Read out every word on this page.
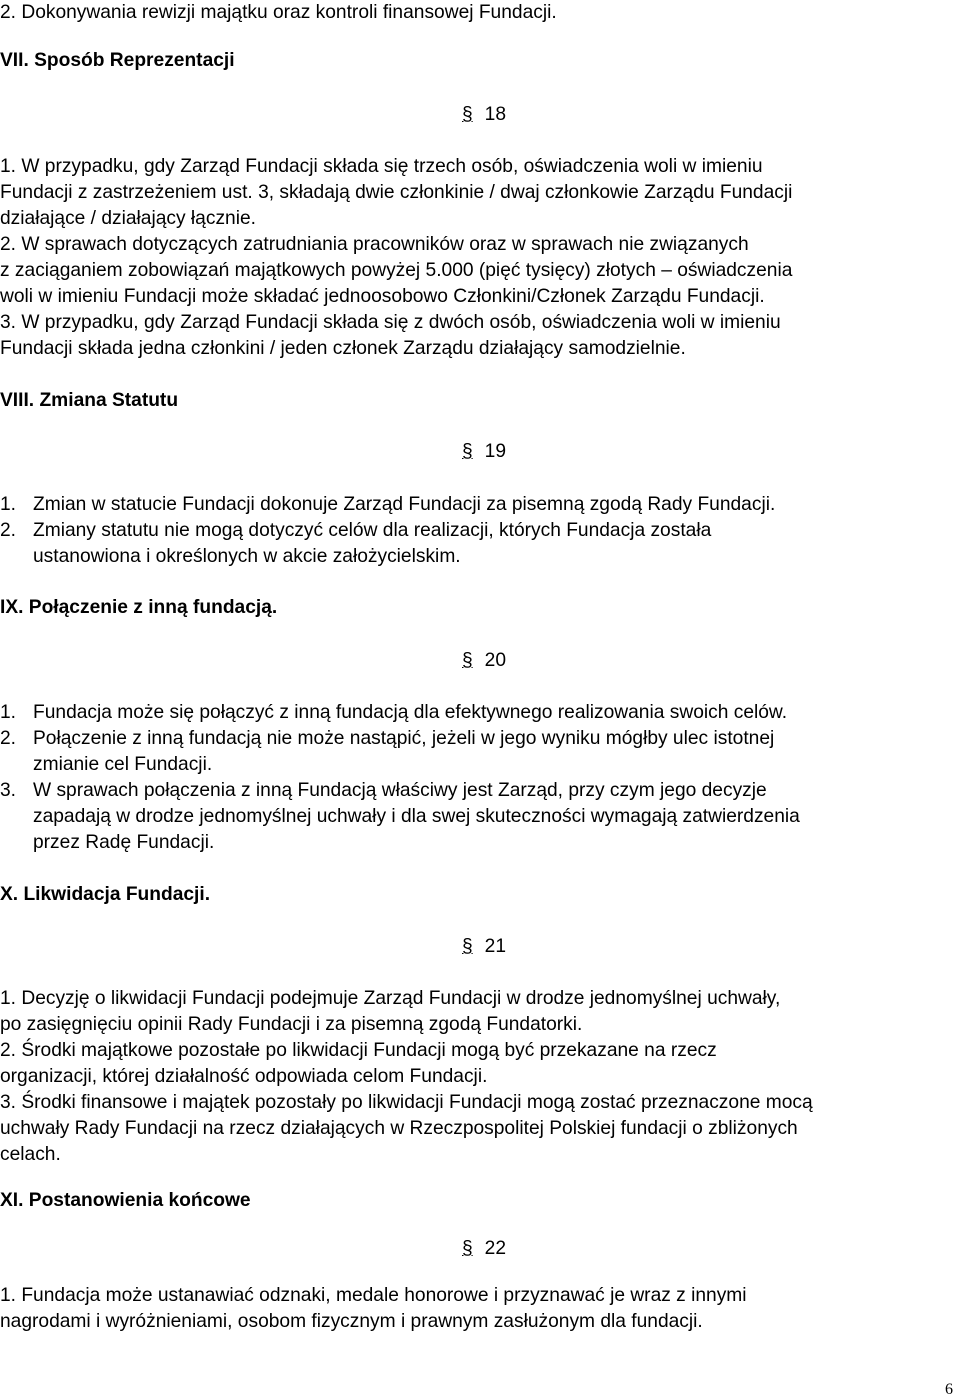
2. Dokonywania rewizji majątku oraz kontroli finansowej Fundacji.
VII. Sposób Reprezentacji
§ 18
1. W przypadku, gdy Zarząd Fundacji składa się trzech osób, oświadczenia woli w imieniu
Fundacji z zastrzeżeniem ust. 3, składają dwie członkinie / dwaj członkowie Zarządu Fundacji
działające / działający łącznie.
2. W sprawach dotyczących zatrudniania pracowników oraz w sprawach nie związanych
z zaciąganiem zobowiązań majątkowych powyżej 5.000 (pięć tysięcy) złotych – oświadczenia
woli w imieniu Fundacji może składać jednoosobowo Członkini/Członek Zarządu Fundacji.
3. W przypadku, gdy Zarząd Fundacji składa się z dwóch osób, oświadczenia woli w imieniu
Fundacji składa jedna członkini / jeden członek Zarządu działający samodzielnie.
VIII. Zmiana Statutu
§ 19
1. Zmian w statucie Fundacji dokonuje Zarząd Fundacji za pisemną zgodą Rady Fundacji.
2. Zmiany statutu nie mogą dotyczyć celów dla realizacji, których Fundacja została
ustanowiona i określonych w akcie założycielskim.
IX. Połączenie z inną fundacją.
§ 20
1. Fundacja może się połączyć z inną fundacją dla efektywnego realizowania swoich celów.
2. Połączenie z inną fundacją nie może nastąpić, jeżeli w jego wyniku mógłby ulec istotnej
zmianie cel Fundacji.
3. W sprawach połączenia z inną Fundacją właściwy jest Zarząd, przy czym jego decyzje
zapadają w drodze jednomyślnej uchwały i dla swej skuteczności wymagają zatwierdzenia
przez Radę Fundacji.
X. Likwidacja Fundacji.
§ 21
1. Decyzję o likwidacji Fundacji podejmuje Zarząd Fundacji w drodze jednomyślnej uchwały,
po zasięgnięciu opinii Rady Fundacji i za pisemną zgodą Fundatorki.
2. Środki majątkowe pozostałe po likwidacji Fundacji mogą być przekazane na rzecz
organizacji, której działalność odpowiada celom Fundacji.
3. Środki finansowe i majątek pozostały po likwidacji Fundacji mogą zostać przeznaczone mocą
uchwały Rady Fundacji na rzecz działających w Rzeczpospolitej Polskiej fundacji o zbliżonych
celach.
XI. Postanowienia końcowe
§ 22
1. Fundacja może ustanawiać odznaki, medale honorowe i przyznawać je wraz z innymi
nagrodami i wyróżnieniami, osobom fizycznym i prawnym zasłużonym dla fundacji.
6
